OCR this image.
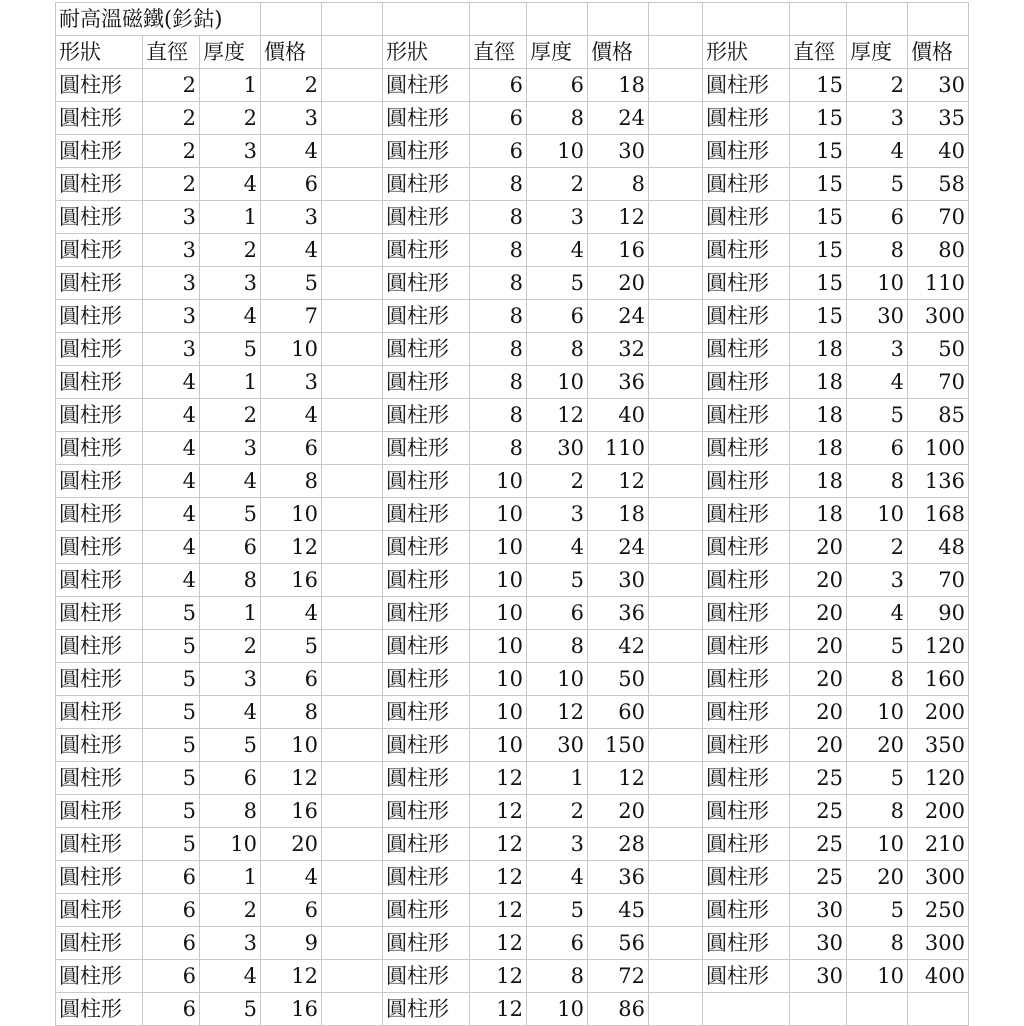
耐高溫磁鐵(釤鈷)													
形狀	直徑	厚度	價格		形狀	直徑	厚度	價格		形狀	直徑	厚度	價格
圓柱形	2	1	2		圓柱形	6	6	18		圓柱形	15	2	30
圓柱形	2	2	3		圓柱形	6	8	24		圓柱形	15	3	35
圓柱形	2	3	4		圓柱形	6	10	30		圓柱形	15	4	40
圓柱形	2	4	6		圓柱形	8	2	8		圓柱形	15	5	58
圓柱形	3	1	3		圓柱形	8	3	12		圓柱形	15	6	70
圓柱形	3	2	4		圓柱形	8	4	16		圓柱形	15	8	80
圓柱形	3	3	5		圓柱形	8	5	20		圓柱形	15	10	110
圓柱形	3	4	7		圓柱形	8	6	24		圓柱形	15	30	300
圓柱形	3	5	10		圓柱形	8	8	32		圓柱形	18	3	50
圓柱形	4	1	3		圓柱形	8	10	36		圓柱形	18	4	70
圓柱形	4	2	4		圓柱形	8	12	40		圓柱形	18	5	85
圓柱形	4	3	6		圓柱形	8	30	110		圓柱形	18	6	100
圓柱形	4	4	8		圓柱形	10	2	12		圓柱形	18	8	136
圓柱形	4	5	10		圓柱形	10	3	18		圓柱形	18	10	168
圓柱形	4	6	12		圓柱形	10	4	24		圓柱形	20	2	48
圓柱形	4	8	16		圓柱形	10	5	30		圓柱形	20	3	70
圓柱形	5	1	4		圓柱形	10	6	36		圓柱形	20	4	90
圓柱形	5	2	5		圓柱形	10	8	42		圓柱形	20	5	120
圓柱形	5	3	6		圓柱形	10	10	50		圓柱形	20	8	160
圓柱形	5	4	8		圓柱形	10	12	60		圓柱形	20	10	200
圓柱形	5	5	10		圓柱形	10	30	150		圓柱形	20	20	350
圓柱形	5	6	12		圓柱形	12	1	12		圓柱形	25	5	120
圓柱形	5	8	16		圓柱形	12	2	20		圓柱形	25	8	200
圓柱形	5	10	20		圓柱形	12	3	28		圓柱形	25	10	210
圓柱形	6	1	4		圓柱形	12	4	36		圓柱形	25	20	300
圓柱形	6	2	6		圓柱形	12	5	45		圓柱形	30	5	250
圓柱形	6	3	9		圓柱形	12	6	56		圓柱形	30	8	300
圓柱形	6	4	12		圓柱形	12	8	72		圓柱形	30	10	400
圓柱形	6	5	16		圓柱形	12	10	86					
